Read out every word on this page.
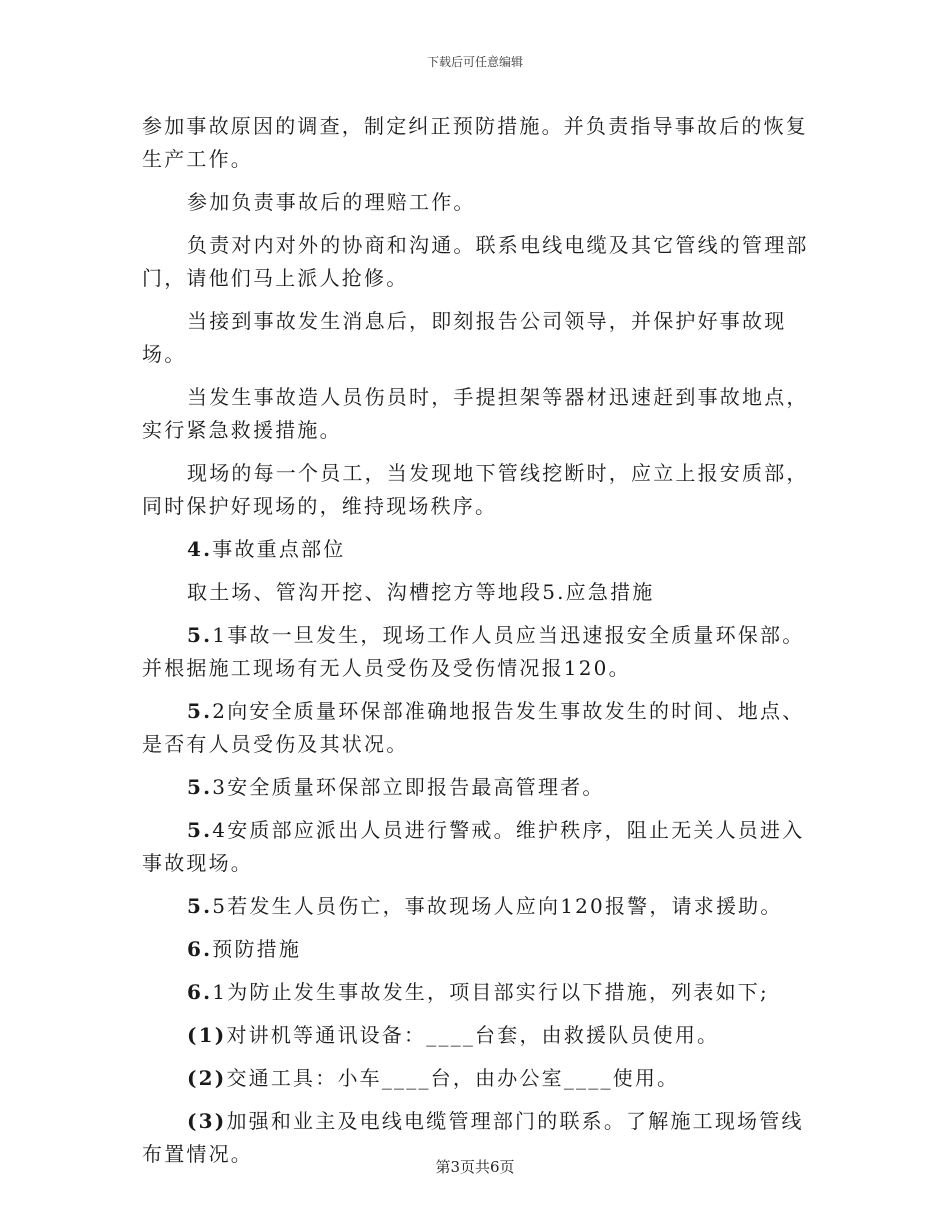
下载后可任意编辑

参加事故原因的调查，制定纠正预防措施。并负责指导事故后的恢复生产工作。

参加负责事故后的理赔工作。

负责对内对外的协商和沟通。联系电线电缆及其它管线的管理部门，请他们马上派人抢修。

当接到事故发生消息后，即刻报告公司领导，并保护好事故现场。

当发生事故造人员伤员时，手提担架等器材迅速赶到事故地点，实行紧急救援措施。

现场的每一个员工，当发现地下管线挖断时，应立上报安质部，同时保护好现场的，维持现场秩序。

4.事故重点部位

取土场、管沟开挖、沟槽挖方等地段5.应急措施

5.1事故一旦发生，现场工作人员应当迅速报安全质量环保部。并根据施工现场有无人员受伤及受伤情况报120。

5.2向安全质量环保部准确地报告发生事故发生的时间、地点、是否有人员受伤及其状况。

5.3安全质量环保部立即报告最高管理者。

5.4安质部应派出人员进行警戒。维护秩序，阻止无关人员进入事故现场。

5.5若发生人员伤亡，事故现场人应向120报警，请求援助。

6.预防措施

6.1为防止发生事故发生，项目部实行以下措施，列表如下;

(1)对讲机等通讯设备：____台套，由救援队员使用。

(2)交通工具：小车____台，由办公室____使用。

(3)加强和业主及电线电缆管理部门的联系。了解施工现场管线布置情况。

第3页共6页
